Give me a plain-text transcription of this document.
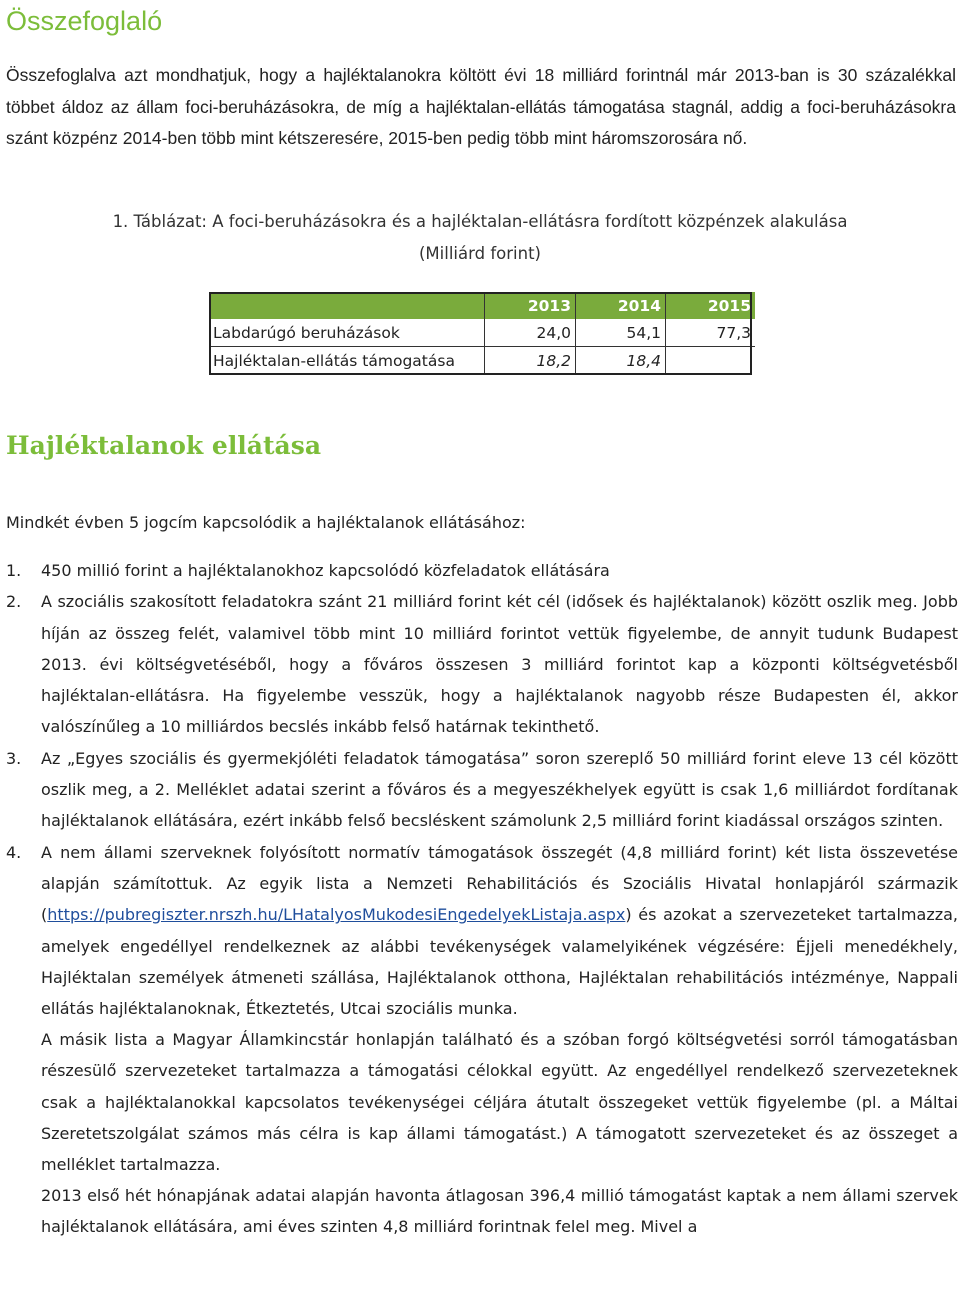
Összefoglaló

Összefoglalva azt mondhatjuk, hogy a hajléktalanokra költött évi 18 milliárd forintnál már 2013-ban is 30 százalékkal többet áldoz az állam foci-beruházásokra, de míg a hajléktalan-ellátás támogatása stagnál, addig a foci-beruházásokra szánt közpénz 2014-ben több mint kétszeresére, 2015-ben pedig több mint háromszorosára nő.

1. Táblázat: A foci-beruházásokra és a hajléktalan-ellátásra fordított közpénzek alakulása

(Milliárd forint)

	2013	2014	2015
Labdarúgó beruházások	24,0	54,1	77,3
Hajléktalan-ellátás támogatása	18,2	18,4	
Hajléktalanok ellátása

Mindkét évben 5 jogcím kapcsolódik a hajléktalanok ellátásához:

1. 450 millió forint a hajléktalanokhoz kapcsolódó közfeladatok ellátására

2. A szociális szakosított feladatokra szánt 21 milliárd forint két cél (idősek és hajléktalanok) között oszlik meg. Jobb híján az összeg felét, valamivel több mint 10 milliárd forintot vettük figyelembe, de annyit tudunk Budapest 2013. évi költségvetéséből, hogy a főváros összesen 3 milliárd forintot kap a központi költségvetésből hajléktalan-ellátásra. Ha figyelembe vesszük, hogy a hajléktalanok nagyobb része Budapesten él, akkor valószínűleg a 10 milliárdos becslés inkább felső határnak tekinthető.

3. Az „Egyes szociális és gyermekjóléti feladatok támogatása” soron szereplő 50 milliárd forint eleve 13 cél között oszlik meg, a 2. Melléklet adatai szerint a főváros és a megyeszékhelyek együtt is csak 1,6 milliárdot fordítanak hajléktalanok ellátására, ezért inkább felső becsléskent számolunk 2,5 milliárd forint kiadással országos szinten.

4. A nem állami szerveknek folyósított normatív támogatások összegét (4,8 milliárd forint) két lista összevetése alapján számítottuk. Az egyik lista a Nemzeti Rehabilitációs és Szociális Hivatal honlapjáról származik (https://pubregiszter.nrszh.hu/LHatalyosMukodesiEngedelyekListaja.aspx) és azokat a szervezeteket tartalmazza, amelyek engedéllyel rendelkeznek az alábbi tevékenységek valamelyikének végzésére: Éjjeli menedékhely, Hajléktalan személyek átmeneti szállása, Hajléktalanok otthona, Hajléktalan rehabilitációs intézménye, Nappali ellátás hajléktalanoknak, Étkeztetés, Utcai szociális munka.

A másik lista a Magyar Államkincstár honlapján található és a szóban forgó költségvetési sorról támogatásban részesülő szervezeteket tartalmazza a támogatási célokkal együtt. Az engedéllyel rendelkező szervezeteknek csak a hajléktalanokkal kapcsolatos tevékenységei céljára átutalt összegeket vettük figyelembe (pl. a Máltai Szeretetszolgálat számos más célra is kap állami támogatást.) A támogatott szervezeteket és az összeget a melléklet tartalmazza.

2013 első hét hónapjának adatai alapján havonta átlagosan 396,4 millió támogatást kaptak a nem állami szervek hajléktalanok ellátására, ami éves szinten 4,8 milliárd forintnak felel meg. Mivel a
